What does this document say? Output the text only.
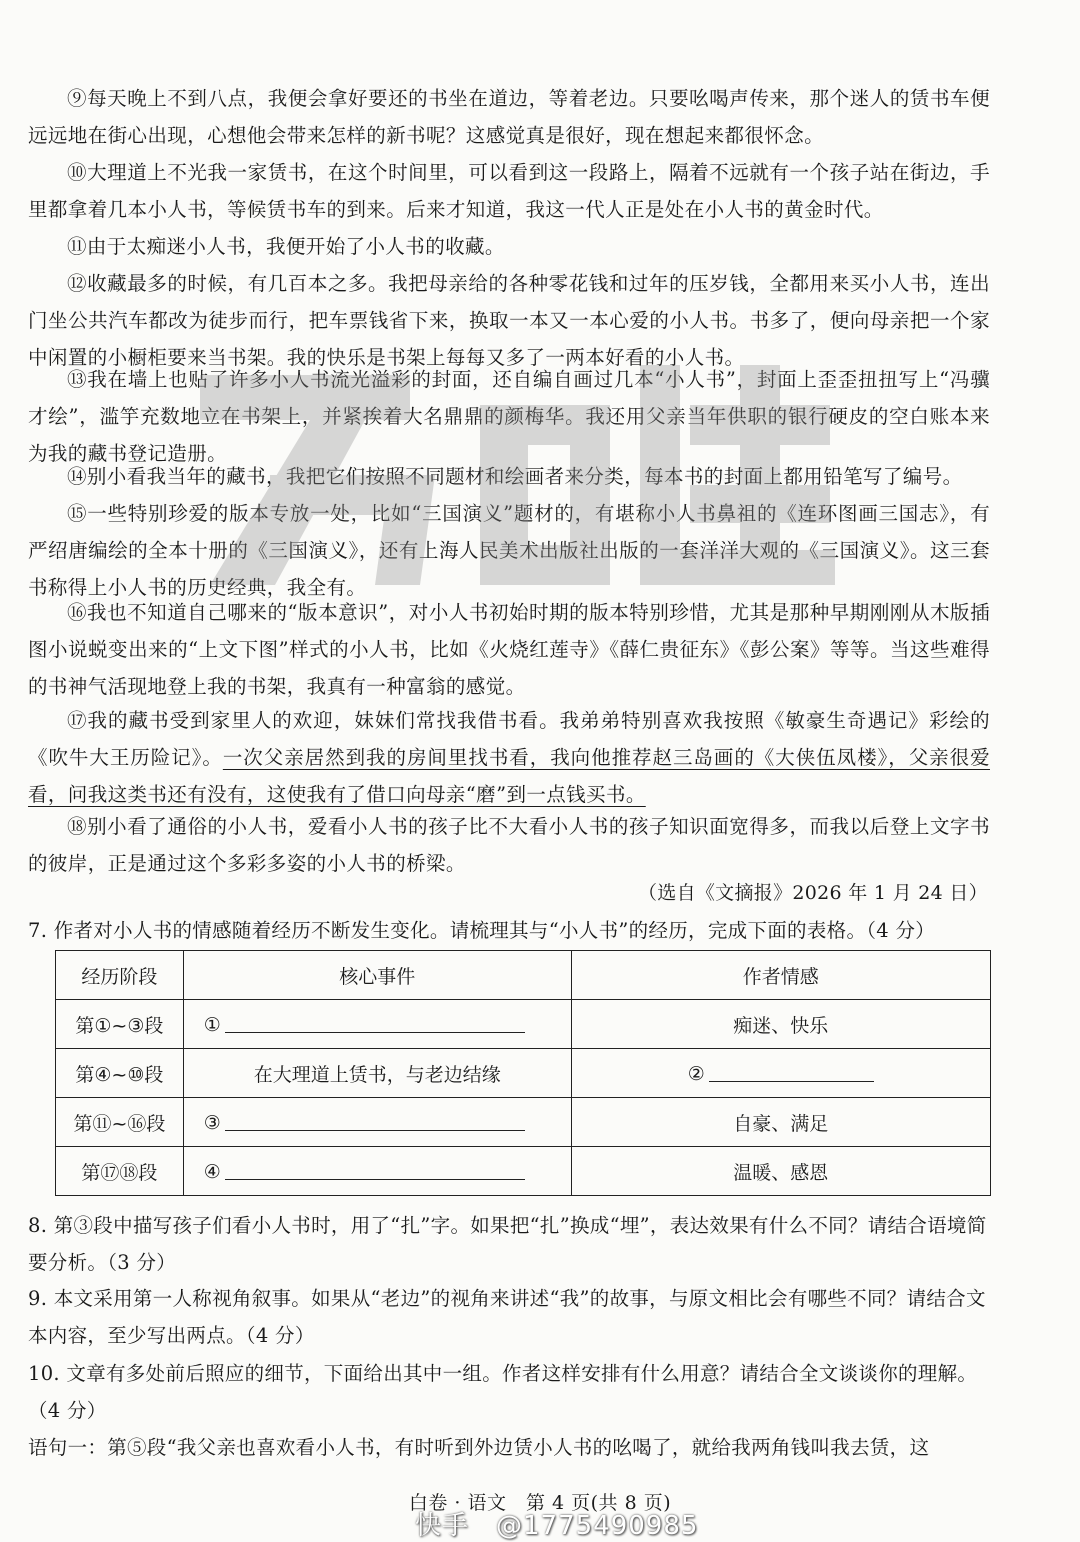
⑨每天晚上不到八点，我便会拿好要还的书坐在道边，等着老边。只要吆喝声传来，那个迷人的赁书车便远远地在街心出现，心想他会带来怎样的新书呢？这感觉真是很好，现在想起来都很怀念。
⑩大理道上不光我一家赁书，在这个时间里，可以看到这一段路上，隔着不远就有一个孩子站在街边，手里都拿着几本小人书，等候赁书车的到来。后来才知道，我这一代人正是处在小人书的黄金时代。
⑪由于太痴迷小人书，我便开始了小人书的收藏。
⑫收藏最多的时候，有几百本之多。我把母亲给的各种零花钱和过年的压岁钱，全都用来买小人书，连出门坐公共汽车都改为徒步而行，把车票钱省下来，换取一本又一本心爱的小人书。书多了，便向母亲把一个家中闲置的小橱柜要来当书架。我的快乐是书架上每每又多了一两本好看的小人书。
⑬我在墙上也贴了许多小人书流光溢彩的封面，还自编自画过几本“小人书”，封面上歪歪扭扭写上“冯骥才绘”，滥竽充数地立在书架上，并紧挨着大名鼎鼎的颜梅华。我还用父亲当年供职的银行硬皮的空白账本来为我的藏书登记造册。
⑭别小看我当年的藏书，我把它们按照不同题材和绘画者来分类，每本书的封面上都用铅笔写了编号。
⑮一些特别珍爱的版本专放一处，比如“三国演义”题材的，有堪称小人书鼻祖的《连环图画三国志》，有严绍唐编绘的全本十册的《三国演义》，还有上海人民美术出版社出版的一套洋洋大观的《三国演义》。这三套书称得上小人书的历史经典，我全有。
⑯我也不知道自己哪来的“版本意识”，对小人书初始时期的版本特别珍惜，尤其是那种早期刚刚从木版插图小说蜕变出来的“上文下图”样式的小人书，比如《火烧红莲寺》《薛仁贵征东》《彭公案》等等。当这些难得的书神气活现地登上我的书架，我真有一种富翁的感觉。
⑰我的藏书受到家里人的欢迎，妹妹们常找我借书看。我弟弟特别喜欢我按照《敏豪生奇遇记》彩绘的《吹牛大王历险记》。一次父亲居然到我的房间里找书看，我向他推荐赵三岛画的《大侠伍凤楼》，父亲很爱看，问我这类书还有没有，这使我有了借口向母亲“磨”到一点钱买书。
⑱别小看了通俗的小人书，爱看小人书的孩子比不大看小人书的孩子知识面宽得多，而我以后登上文字书的彼岸，正是通过这个多彩多姿的小人书的桥梁。
（选自《文摘报》2026 年 1 月 24 日）
7. 作者对小人书的情感随着经历不断发生变化。请梳理其与“小人书”的经历，完成下面的表格。（4 分）
经历阶段	核心事件	作者情感
第①~③段	①	痴迷、快乐
第④~⑩段	在大理道上赁书，与老边结缘	②
第⑪~⑯段	③	自豪、满足
第⑰⑱段	④	温暖、感恩
8. 第③段中描写孩子们看小人书时，用了“扎”字。如果把“扎”换成“埋”，表达效果有什么不同？请结合语境简要分析。（3 分）
9. 本文采用第一人称视角叙事。如果从“老边”的视角来讲述“我”的故事，与原文相比会有哪些不同？请结合文本内容，至少写出两点。（4 分）
10. 文章有多处前后照应的细节，下面给出其中一组。作者这样安排有什么用意？请结合全文谈谈你的理解。（4 分）
语句一：第⑤段“我父亲也喜欢看小人书，有时听到外边赁小人书的吆喝了，就给我两角钱叫我去赁，这
白卷 · 语文　第 4 页(共 8 页)
快手　@1775490985
